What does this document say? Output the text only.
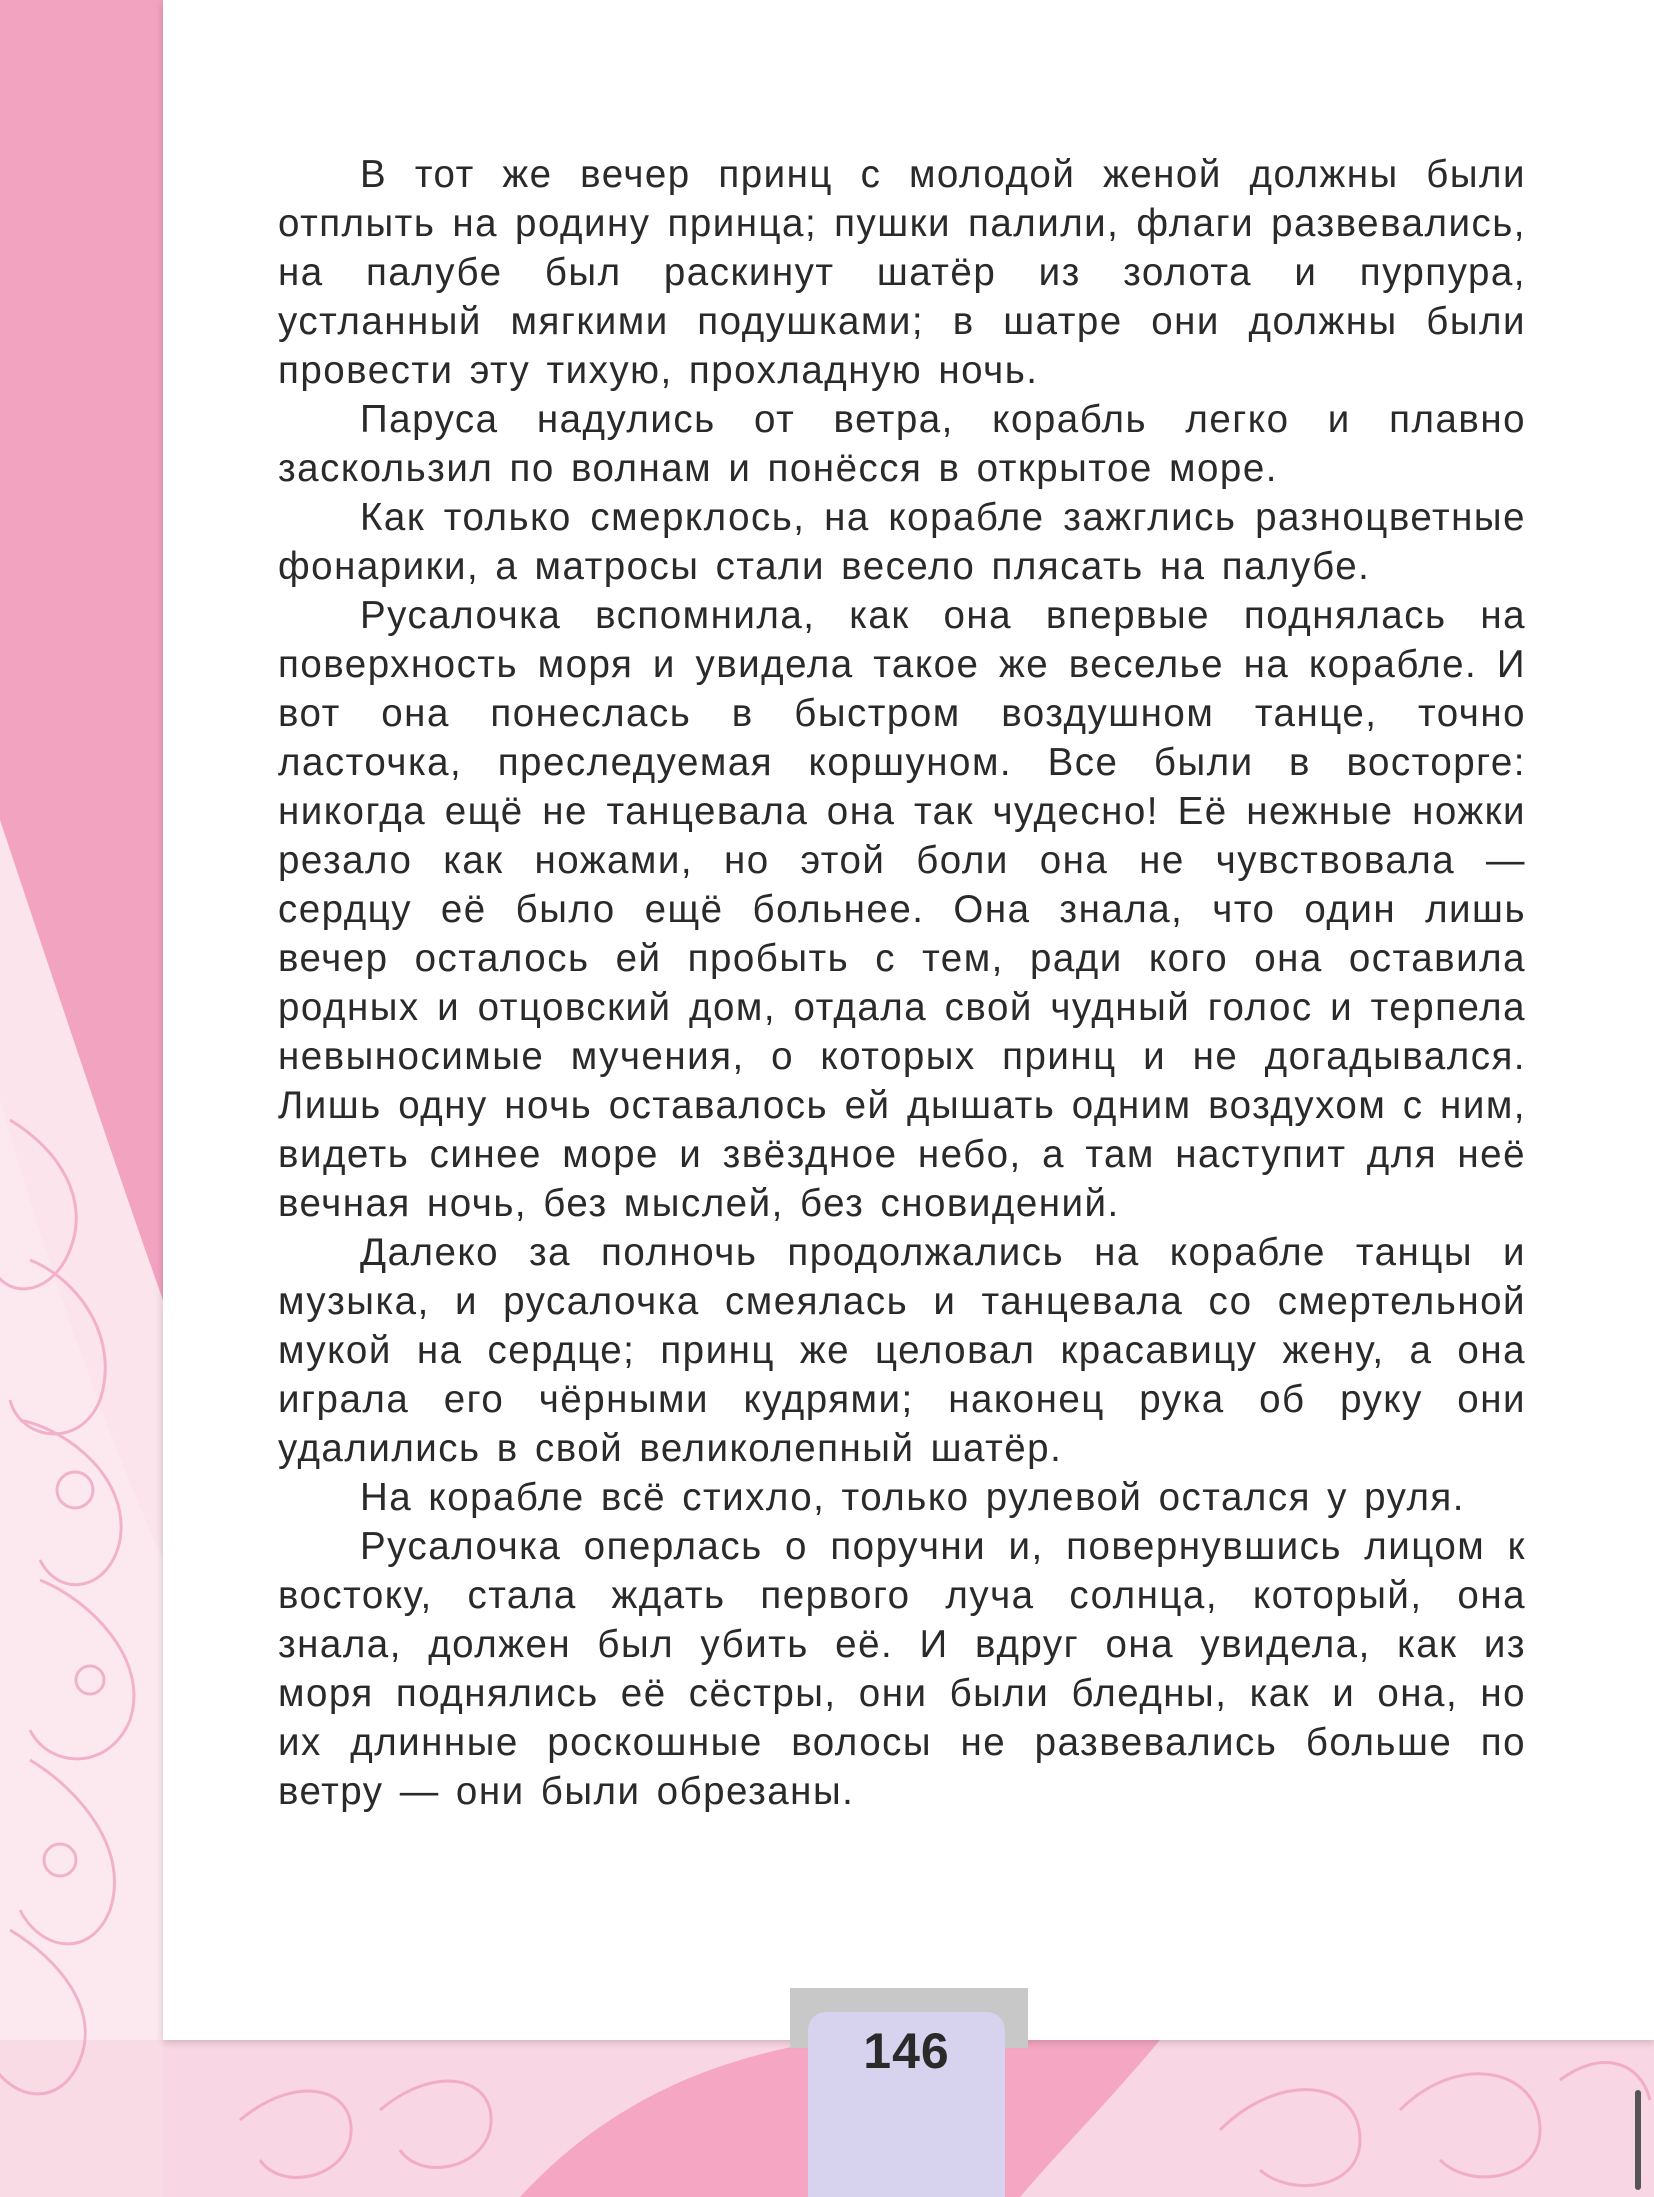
В тот же вечер принц с молодой женой должны были отплыть на родину принца; пушки палили, флаги развевались, на палубе был раскинут шатёр из золота и пурпура, устланный мягкими подушками; в шатре они должны были провести эту тихую, прохладную ночь.

Паруса надулись от ветра, корабль легко и плавно заскользил по волнам и понёсся в открытое море.

Как только смерклось, на корабле зажглись разноцветные фонарики, а матросы стали весело плясать на палубе.

Русалочка вспомнила, как она впервые поднялась на поверхность моря и увидела такое же веселье на корабле. И вот она понеслась в быстром воздушном танце, точно ласточка, преследуемая коршуном. Все были в восторге: никогда ещё не танцевала она так чудесно! Её нежные ножки резало как ножами, но этой боли она не чувствовала — сердцу её было ещё больнее. Она знала, что один лишь вечер осталось ей пробыть с тем, ради кого она оставила родных и отцовский дом, отдала свой чудный голос и терпела невыносимые мучения, о которых принц и не догадывался. Лишь одну ночь оставалось ей дышать одним воздухом с ним, видеть синее море и звёздное небо, а там наступит для неё вечная ночь, без мыслей, без сновидений.

Далеко за полночь продолжались на корабле танцы и музыка, и русалочка смеялась и танцевала со смертельной мукой на сердце; принц же целовал красавицу жену, а она играла его чёрными кудрями; наконец рука об руку они удалились в свой великолепный шатёр.

На корабле всё стихло, только рулевой остался у руля.

Русалочка оперлась о поручни и, повернувшись лицом к востоку, стала ждать первого луча солнца, который, она знала, должен был убить её. И вдруг она увидела, как из моря поднялись её сёстры, они были бледны, как и она, но их длинные роскошные волосы не развевались больше по ветру — они были обрезаны.

146
